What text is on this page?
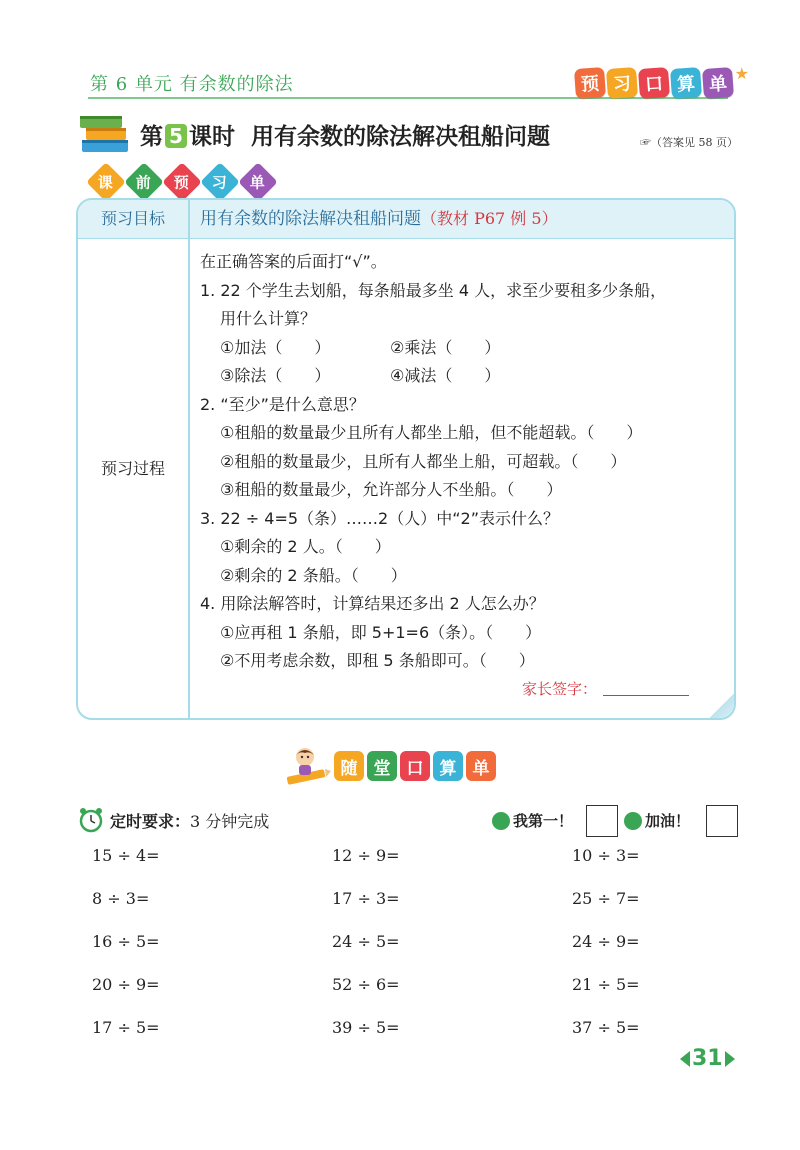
第 6 单元 有余数的除法	预 习 口 算 单 ★
第 5 课时 用有余数的除法解决租船问题	☞（答案见 58 页）
课 前 预 习 单
预习目标	用有余数的除法解决租船问题（教材 P67 例 5）
预习过程
在正确答案的后面打“√”。
1. 22 个学生去划船，每条船最多坐 4 人，求至少要租多少条船，
用什么计算？
①加法（　　）	②乘法（　　）
③除法（　　）	④减法（　　）
2. “至少”是什么意思？
①租船的数量最少且所有人都坐上船，但不能超载。（　　）
②租船的数量最少，且所有人都坐上船，可超载。（　　）
③租船的数量最少，允许部分人不坐船。（　　）
3. 22 ÷ 4=5（条）……2（人）中“2”表示什么？
①剩余的 2 人。（　　）
②剩余的 2 条船。（　　）
4. 用除法解答时，计算结果还多出 2 人怎么办？
①应再租 1 条船，即 5+1=6（条）。（　　）
②不用考虑余数，即租 5 条船即可。（　　）
家长签字：
随 堂 口 算 单
定时要求：3 分钟完成	我第一！	加油！
15 ÷ 4=	12 ÷ 9=	10 ÷ 3=
8 ÷ 3=	17 ÷ 3=	25 ÷ 7=
16 ÷ 5=	24 ÷ 5=	24 ÷ 9=
20 ÷ 9=	52 ÷ 6=	21 ÷ 5=
17 ÷ 5=	39 ÷ 5=	37 ÷ 5=
31
